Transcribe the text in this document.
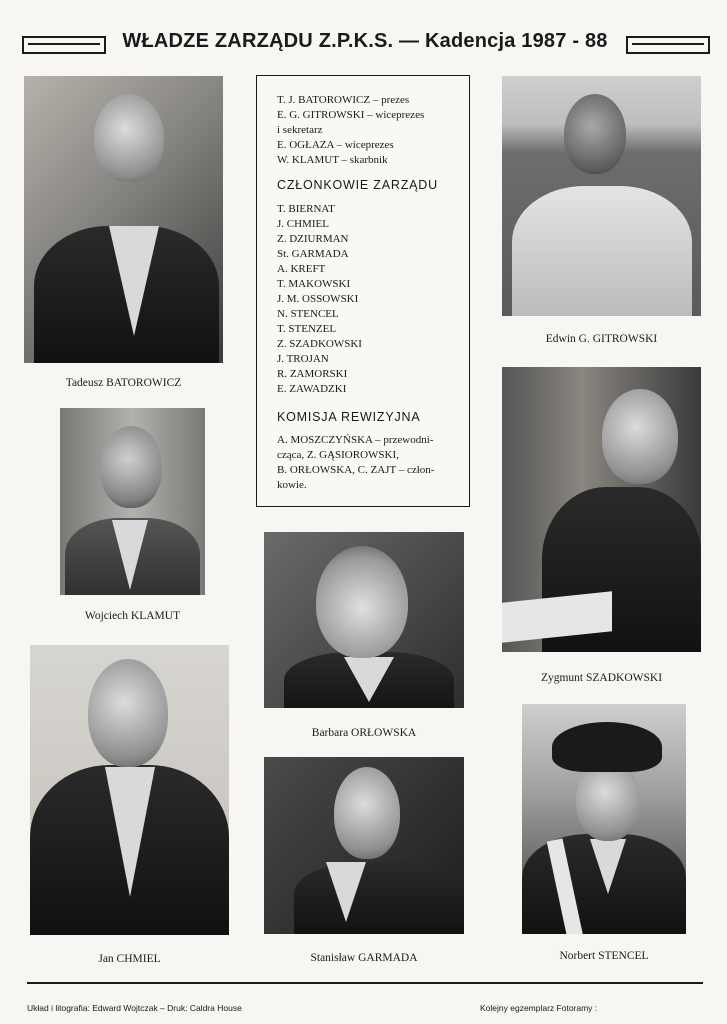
WŁADZE ZARZĄDU Z.P.K.S. — Kadencja 1987 - 88
Tadeusz BATOROWICZ
T. J. BATOROWICZ – prezes
E. G. GITROWSKI – wiceprezes
i sekretarz
E. OGŁAZA – wiceprezes
W. KLAMUT – skarbnik
CZŁONKOWIE ZARZĄDU
T. BIERNAT
J. CHMIEL
Z. DZIURMAN
St. GARMADA
A. KREFT
T. MAKOWSKI
J. M. OSSOWSKI
N. STENCEL
T. STENZEL
Z. SZADKOWSKI
J. TROJAN
R. ZAMORSKI
E. ZAWADZKI
KOMISJA REWIZYJNA
A. MOSZCZYŃSKA – przewodni-
cząca, Z. GĄSIOROWSKI,
B. ORŁOWSKA, C. ZAJT – człon-
kowie.
Edwin G. GITROWSKI
Wojciech KLAMUT
Zygmunt SZADKOWSKI
Barbara ORŁOWSKA
Jan CHMIEL	Stanisław GARMADA	Norbert STENCEL
Układ i litografia: Edward Wojtczak – Druk: Caldra House	Kolejny egzemplarz Fotoramy :
